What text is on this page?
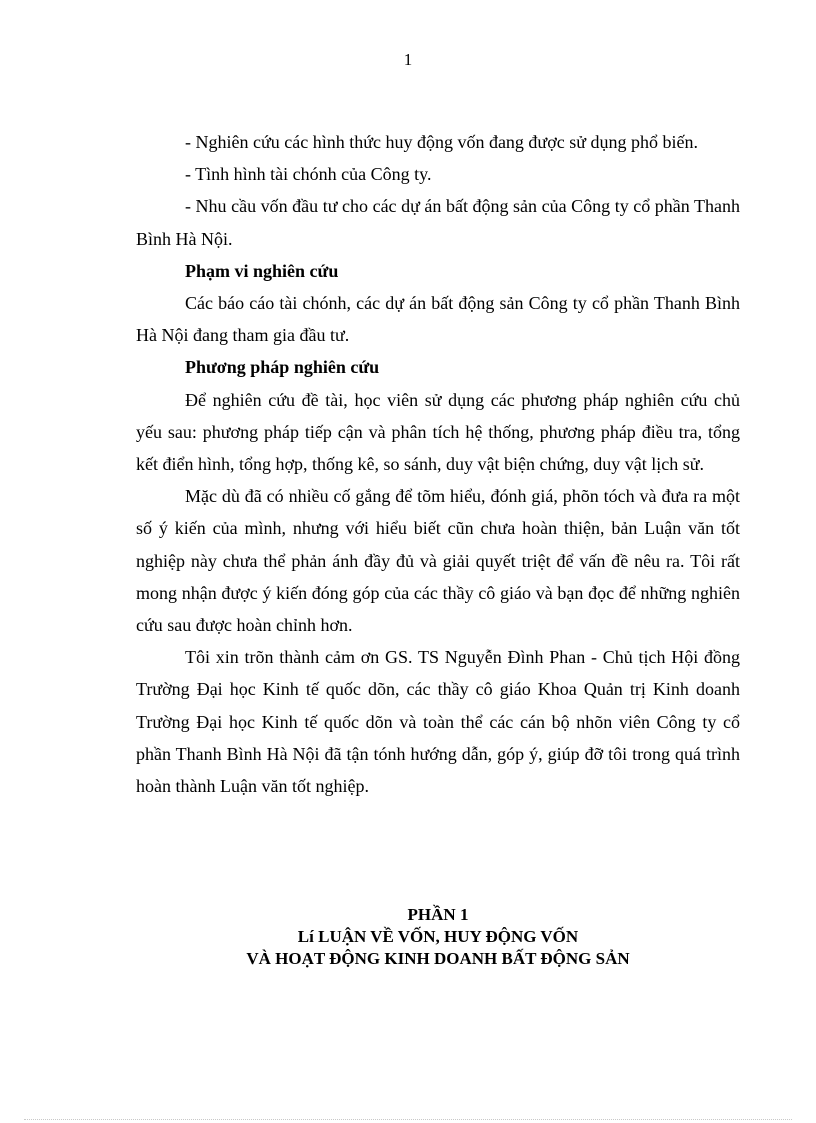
1

- Nghiên cứu các hình thức huy động vốn đang được sử dụng phổ biến.

- Tình hình tài chónh của Công ty.

- Nhu cầu vốn đầu tư cho các dự án bất động sản của Công ty cổ phần Thanh Bình Hà Nội.

Phạm vi nghiên cứu

Các báo cáo tài chónh, các dự án bất động sản Công ty cổ phần Thanh Bình Hà Nội đang tham gia đầu tư.

Phương pháp nghiên cứu

Để nghiên cứu đề tài, học viên sử dụng các phương pháp nghiên cứu chủ yếu sau: phương pháp tiếp cận và phân tích hệ thống, phương pháp điều tra, tổng kết điển hình, tổng hợp, thống kê, so sánh, duy vật biện chứng, duy vật lịch sử.

Mặc dù đã có nhiều cố gắng để tõm hiểu, đónh giá, phõn tóch và đưa ra một số ý kiến của mình, nhưng với hiểu biết cũn chưa hoàn thiện, bản Luận văn tốt nghiệp này chưa thể phản ánh đầy đủ và giải quyết triệt để vấn đề nêu ra. Tôi rất mong nhận được ý kiến đóng góp của các thầy cô giáo và bạn đọc để những nghiên cứu sau được hoàn chỉnh hơn.

Tôi xin trõn thành cảm ơn GS. TS Nguyễn Đình Phan - Chủ tịch Hội đồng Trường Đại học Kinh tế quốc dõn, các thầy cô giáo Khoa Quản trị Kinh doanh Trường Đại học Kinh tế quốc dõn và toàn thể các cán bộ nhõn viên Công ty cổ phần Thanh Bình Hà Nội đã tận tónh hướng dẫn, góp ý, giúp đỡ tôi trong quá trình hoàn thành Luận văn tốt nghiệp.

PHẦN 1
Lí LUẬN VỀ VỐN, HUY ĐỘNG VỐN
VÀ HOẠT ĐỘNG KINH DOANH BẤT ĐỘNG SẢN
